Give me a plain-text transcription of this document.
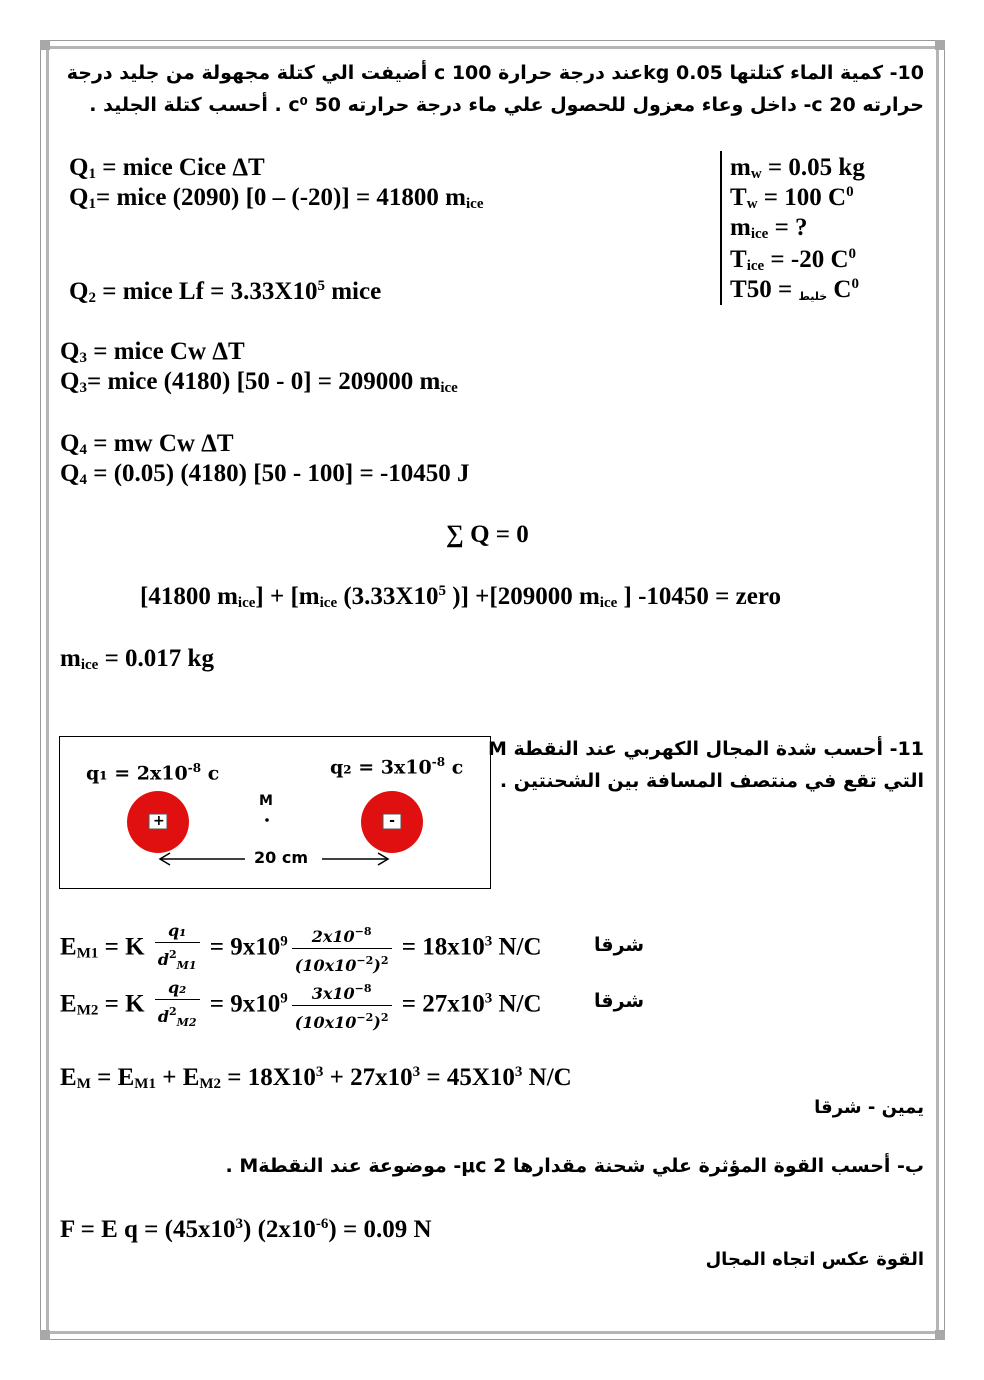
10- كمية الماء كتلتها 0.05 kgعند درجة حرارة 100 c أضيفت الي كتلة مجهولة من جليد درجة
حرارته 20 c- داخل وعاء معزول للحصول علي ماء درجة حرارته 50 c⁰ . أحسب كتلة الجليد .
$m_w = 0.05$ kg
$T_w = 100$ $C^0$
$m_{ice}$ = ?
$T_{ice} = -20$ $C^0$
T	$_{خليط}$ = 50 $C^0$
$Q_1$ = mice Cice ΔT
$Q_1=$ mice (2090) [0 – (-20)] = 41800 $m_{ice}$
$Q_2$ = mice $Lf = 3.33X10^5$ mice
$Q_3$ = mice Cw ΔT
$Q_3=$ mice (4180) [50 - 0] = 209000 $m_{ice}$
$Q_4$ = mw Cw ΔT
$Q_4 = (0.05)$ (4180) [50 - 100] = -10450 J
∑ Q = 0
[41800 $m_{ice}] + [m_{ice}$ ($3.33X10^5$ )] +[209000 $m_{ice}$ ] -10450 = zero
$m_{ice} = 0.017$ kg
11- أحسب شدة المجال الكهربي عند النقطة M
التي تقع في منتصف المسافة بين الشحنتين .
$q_1 = 2x10^{-8}$ c	$q_2 = 3x10^{-8}$ c
+	-
M
20 cm
$E_{M1} = K \frac{\text{q₁}}{d^2_{M1}} = 9x10^9 \frac{2x10^{-8}}{(10x10^{-2})^2} = 18x10^3$ N/C	شرقا
$E_{M2} = K \frac{\text{q₂}}{d^2_{M2}} = 9x10^9 \frac{3x10^{-8}}{(10x10^{-2})^2} = 27x10^3$ N/C	شرقا
$E_M = E_{M1} + E_{M2} = 18X10^3 + 27x10^3 = 45X10^3$ N/C
يمين - شرقا
ب- أحسب القوة المؤثرة علي شحنة مقدارها μc 2- موضوعة عند النقطةM .
F = E $q = (45x10^3) (2x10^{-6}) = 0.09$ N
القوة عكس اتجاه المجال
